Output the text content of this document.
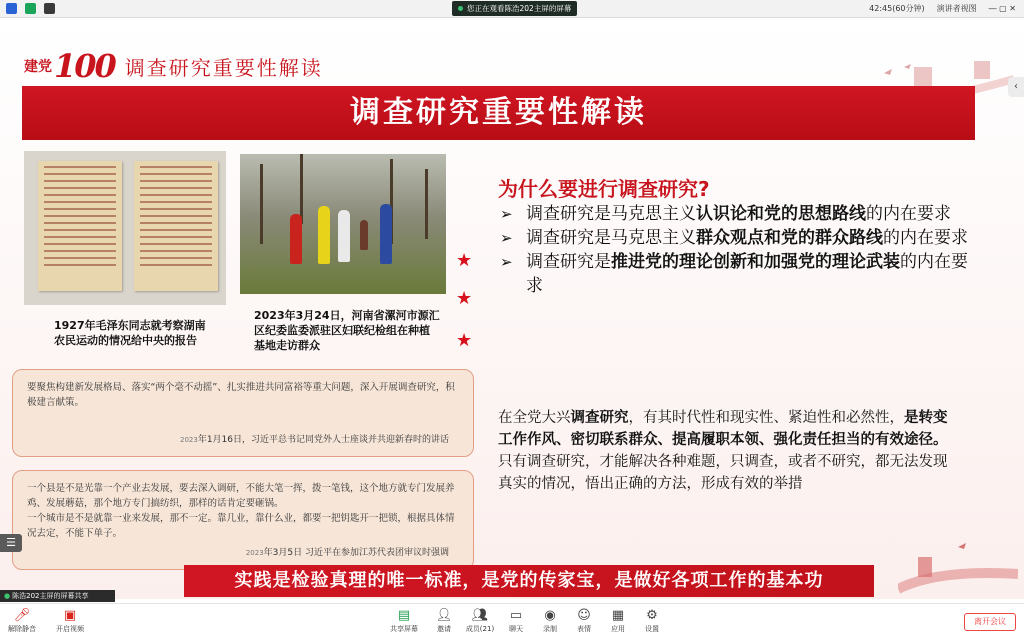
您正在观看陈浩202主屏的屏幕	42:45(60分钟) 演讲者视图 ― ▢ ✕
建党 100 调查研究重要性解读
调查研究重要性解读
‹
1927年毛泽东同志就考察湖南农民运动的情况给中央的报告
2023年3月24日，河南省漯河市源汇区纪委监委派驻区妇联纪检组在种植基地走访群众
★
★
★
要聚焦构建新发展格局、落实“两个毫不动摇”、扎实推进共同富裕等重大问题，深入开展调查研究，积极建言献策。
2023年1月16日，习近平总书记同党外人士座谈并共迎新春时的讲话
一个县是不是光靠一个产业去发展，要去深入调研，不能大笔一挥，拨一笔钱，这个地方就专门发展养鸡、发展蘑菇，那个地方专门搞纺织，那样的话肯定要砸锅。
一个城市是不是就靠一业来发展，那不一定。靠几业，靠什么业，都要一把钥匙开一把锁，根据具体情况去定，不能下单子。
2023年3月5日 习近平在参加江苏代表团审议时强调
为什么要进行调查研究?
➢ 调查研究是马克思主义认识论和党的思想路线的内在要求
➢ 调查研究是马克思主义群众观点和党的群众路线的内在要求
➢ 调查研究是推进党的理论创新和加强党的理论武装的内在要求
在全党大兴调查研究，有其时代性和现实性、紧迫性和必然性，是转变工作作风、密切联系群众、提高履职本领、强化责任担当的有效途径。只有调查研究，才能解决各种难题，只调查，或者不研究，都无法发现真实的情况，悟出正确的方法，形成有效的举措
实践是检验真理的唯一标准，是党的传家宝，是做好各项工作的基本功
☰
● 陈浩202主屏的屏幕共享
🎤︎
解除静音
▣
开启视频
▤
共享屏幕
👤︎
邀请
👥︎
成员(21)
▭
聊天
◉
录制
☺
表情
▦
应用
⚙
设置
离开会议
